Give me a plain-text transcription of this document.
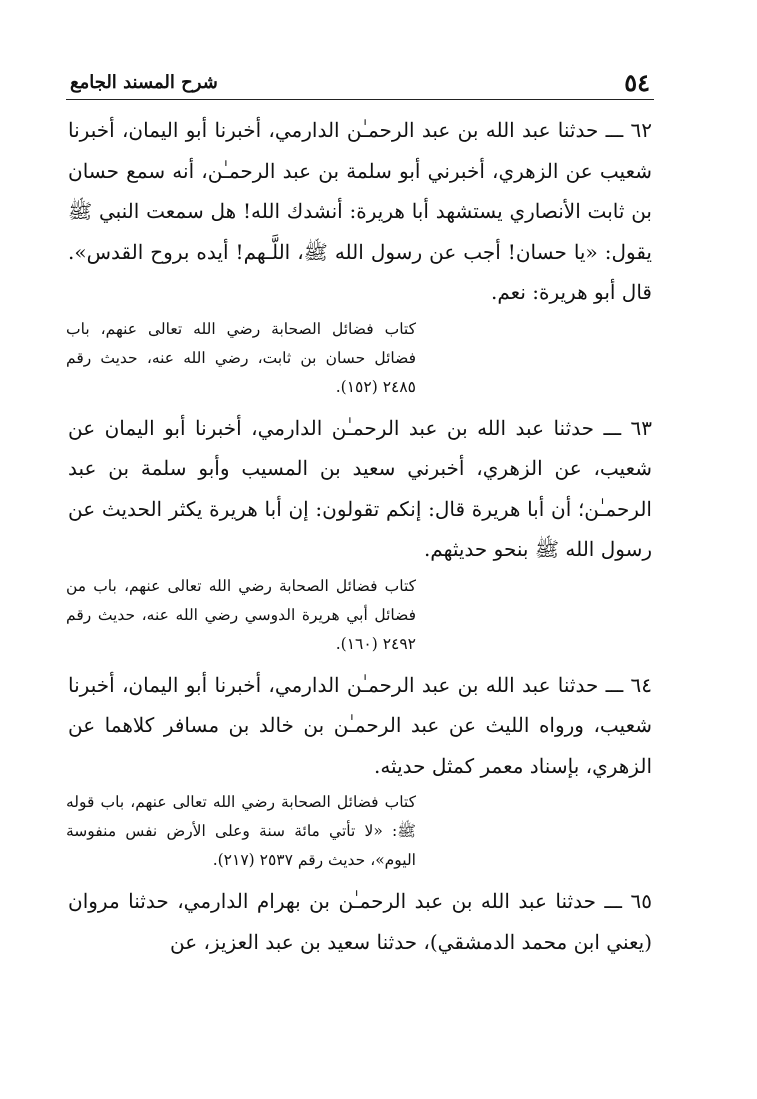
٥٤
شرح المسند الجامع

٦٢ ـــ حدثنا عبد الله بن عبد الرحمـٰن الدارمي، أخبرنا أبو اليمان، أخبرنا شعيب عن الزهري، أخبرني أبو سلمة بن عبد الرحمـٰن، أنه سمع حسان بن ثابت الأنصاري يستشهد أبا هريرة: أنشدك الله! هل سمعت النبي ﷺ يقول: «يا حسان! أجب عن رسول الله ﷺ، اللَّـهم! أيده بروح القدس». قال أبو هريرة: نعم.

كتاب فضائل الصحابة رضي الله تعالى عنهم، باب فضائل حسان بن ثابت، رضي الله عنه، حديث رقم ٢٤٨٥ (١٥٢).

٦٣ ـــ حدثنا عبد الله بن عبد الرحمـٰن الدارمي، أخبرنا أبو اليمان عن شعيب، عن الزهري، أخبرني سعيد بن المسيب وأبو سلمة بن عبد الرحمـٰن؛ أن أبا هريرة قال: إنكم تقولون: إن أبا هريرة يكثر الحديث عن رسول الله ﷺ بنحو حديثهم.

كتاب فضائل الصحابة رضي الله تعالى عنهم، باب من فضائل أبي هريرة الدوسي رضي الله عنه، حديث رقم ٢٤٩٢ (١٦٠).

٦٤ ـــ حدثنا عبد الله بن عبد الرحمـٰن الدارمي، أخبرنا أبو اليمان، أخبرنا شعيب، ورواه الليث عن عبد الرحمـٰن بن خالد بن مسافر كلاهما عن الزهري، بإسناد معمر كمثل حديثه.

كتاب فضائل الصحابة رضي الله تعالى عنهم، باب قوله ﷺ: «لا تأتي مائة سنة وعلى الأرض نفس منفوسة اليوم»، حديث رقم ٢٥٣٧ (٢١٧).

٦٥ ـــ حدثنا عبد الله بن عبد الرحمـٰن بن بهرام الدارمي، حدثنا مروان (يعني ابن محمد الدمشقي)، حدثنا سعيد بن عبد العزيز، عن
